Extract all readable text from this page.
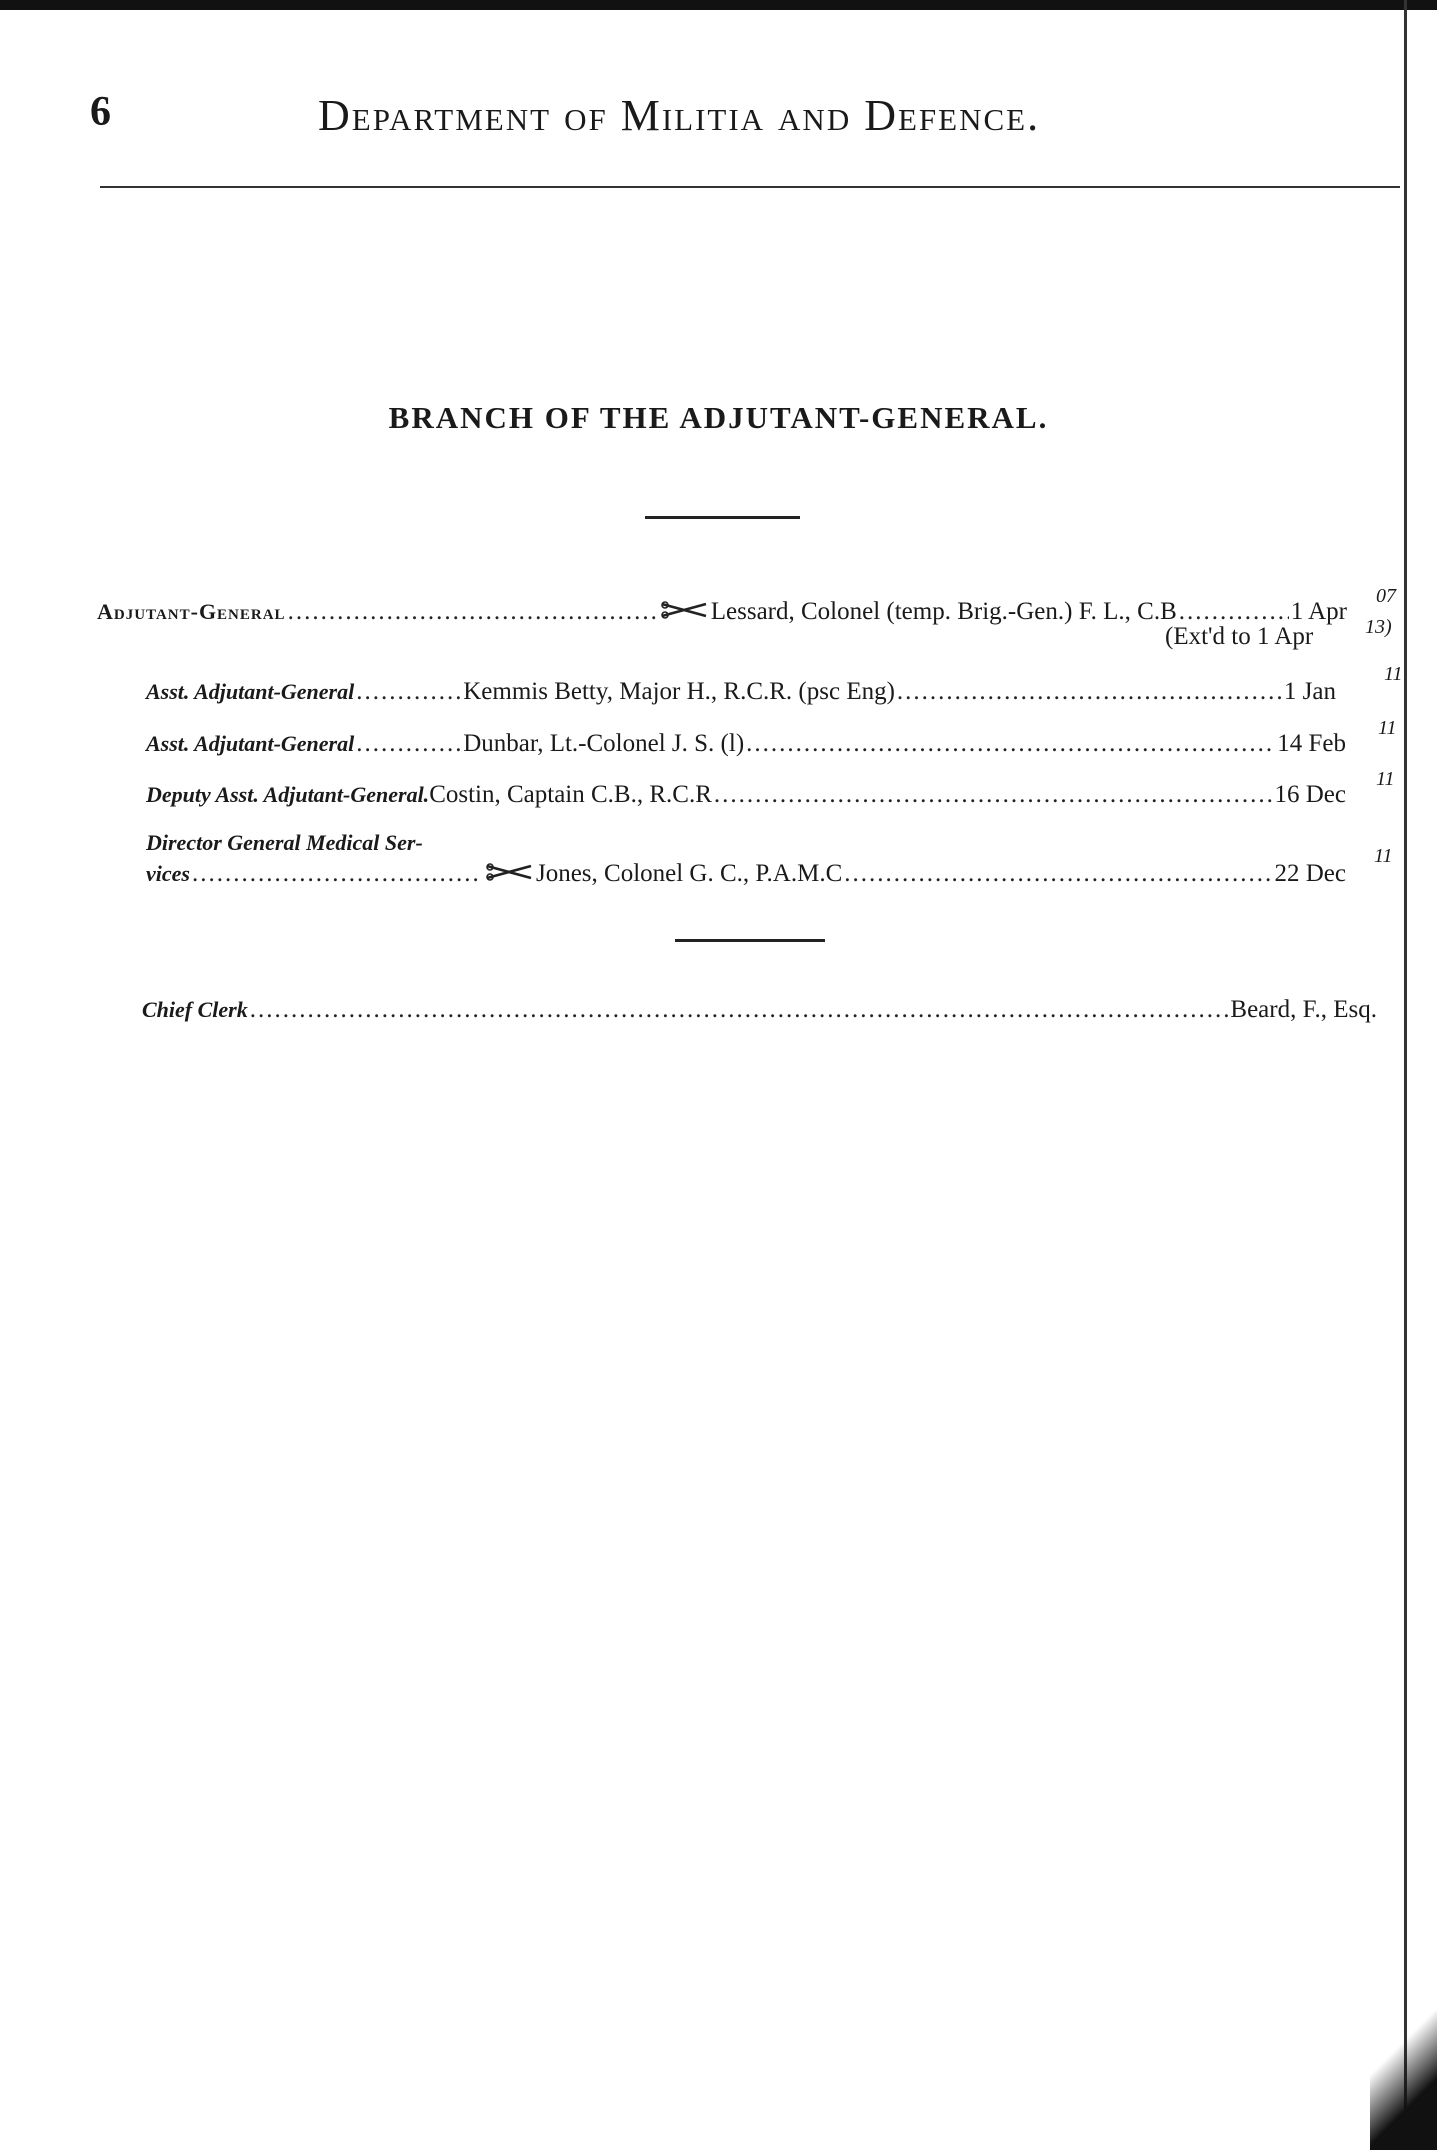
6	Department of Militia and Defence.
BRANCH OF THE ADJUTANT-GENERAL.
Adjutant-General .....	Lessard, Colonel (temp. Brig.-Gen.) F. L., C.B .....	1 Apr
07
(Ext'd to 1 Apr	13)
Asst. Adjutant-General .....	Kemmis Betty, Major H., R.C.R. (psc Eng) .....	1 Jan
11
Asst. Adjutant-General .....	Dunbar, Lt.-Colonel J. S. (l) .....	14 Feb
11
Deputy Asst. Adjutant-General. Costin, Captain C.B., R.C.R .....	16 Dec
11
Director General Medical Ser-
vices .....	Jones, Colonel G. C., P.A.M.C .....	22 Dec
11
Chief Clerk .....	Beard, F., Esq.
